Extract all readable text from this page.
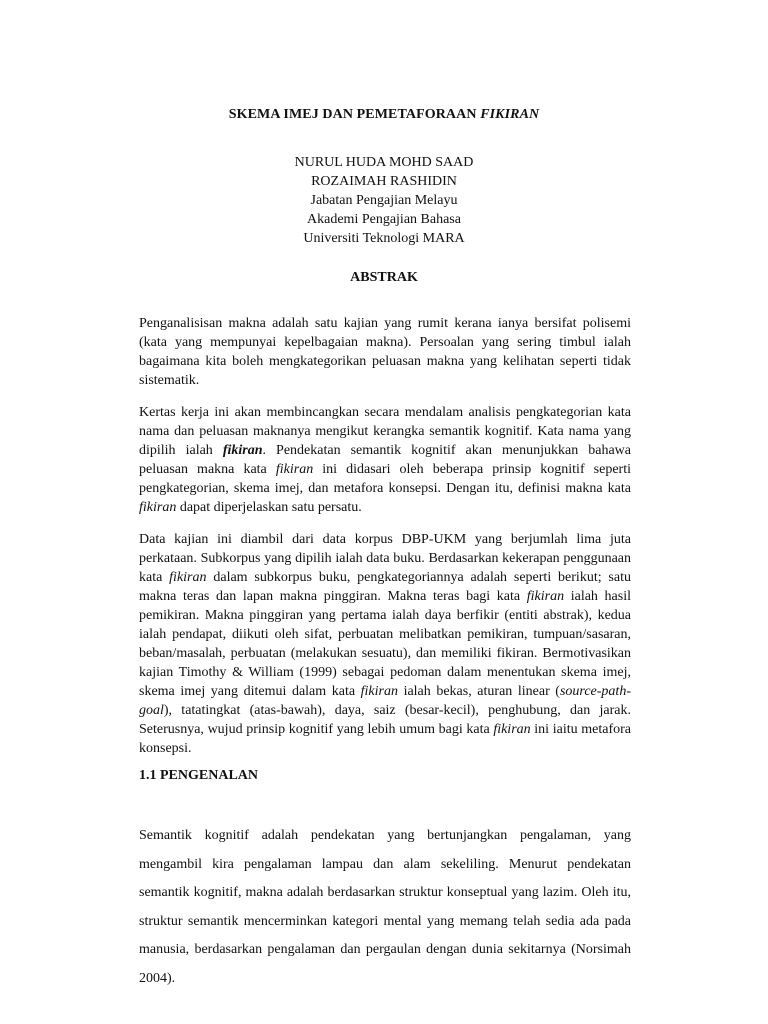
SKEMA IMEJ DAN PEMETAFORAAN FIKIRAN
NURUL HUDA MOHD SAAD
ROZAIMAH RASHIDIN
Jabatan Pengajian Melayu
Akademi Pengajian Bahasa
Universiti Teknologi MARA
ABSTRAK
Penganalisisan makna adalah satu kajian yang rumit kerana ianya bersifat polisemi (kata yang mempunyai kepelbagaian makna). Persoalan yang sering timbul ialah bagaimana kita boleh mengkategorikan peluasan makna yang kelihatan seperti tidak sistematik.
Kertas kerja ini akan membincangkan secara mendalam analisis pengkategorian kata nama dan peluasan maknanya mengikut kerangka semantik kognitif. Kata nama yang dipilih ialah fikiran. Pendekatan semantik kognitif akan menunjukkan bahawa peluasan makna kata fikiran ini didasari oleh beberapa prinsip kognitif seperti pengkategorian, skema imej, dan metafora konsepsi. Dengan itu, definisi makna kata fikiran dapat diperjelaskan satu persatu.
Data kajian ini diambil dari data korpus DBP-UKM yang berjumlah lima juta perkataan. Subkorpus yang dipilih ialah data buku. Berdasarkan kekerapan penggunaan kata fikiran dalam subkorpus buku, pengkategoriannya adalah seperti berikut; satu makna teras dan lapan makna pinggiran. Makna teras bagi kata fikiran ialah hasil pemikiran. Makna pinggiran yang pertama ialah daya berfikir (entiti abstrak), kedua ialah pendapat, diikuti oleh sifat, perbuatan melibatkan pemikiran, tumpuan/sasaran, beban/masalah, perbuatan (melakukan sesuatu), dan memiliki fikiran. Bermotivasikan kajian Timothy & William (1999) sebagai pedoman dalam menentukan skema imej, skema imej yang ditemui dalam kata fikiran ialah bekas, aturan linear (source-path-goal), tatatingkat (atas-bawah), daya, saiz (besar-kecil), penghubung, dan jarak. Seterusnya, wujud prinsip kognitif yang lebih umum bagi kata fikiran ini iaitu metafora konsepsi.
1.1 PENGENALAN
Semantik kognitif adalah pendekatan yang bertunjangkan pengalaman, yang mengambil kira pengalaman lampau dan alam sekeliling. Menurut pendekatan semantik kognitif, makna adalah berdasarkan struktur konseptual yang lazim. Oleh itu, struktur semantik mencerminkan kategori mental yang memang telah sedia ada pada manusia, berdasarkan pengalaman dan pergaulan dengan dunia sekitarnya (Norsimah 2004).
